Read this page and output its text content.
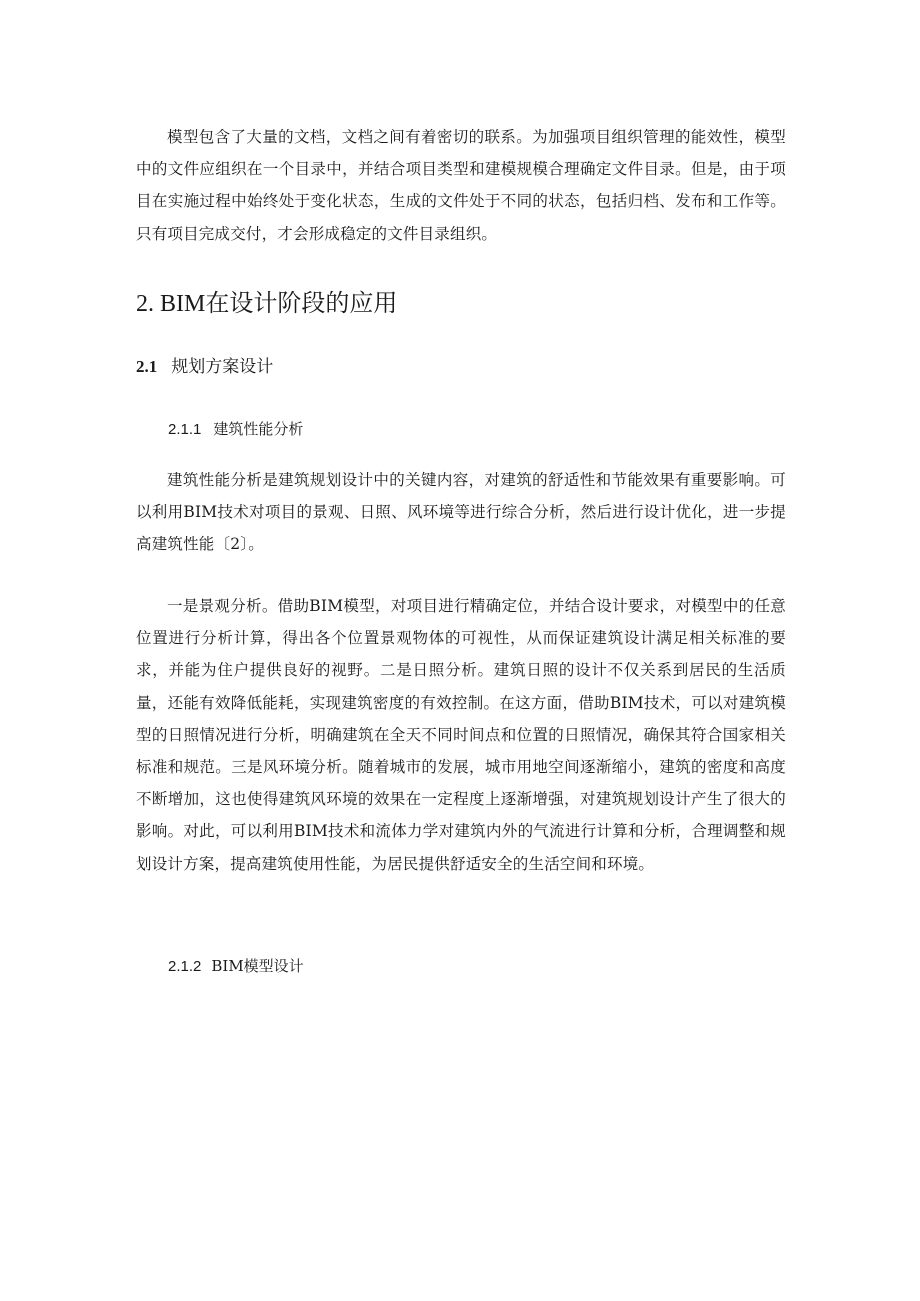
模型包含了大量的文档，文档之间有着密切的联系。为加强项目组织管理的能效性，模型中的文件应组织在一个目录中，并结合项目类型和建模规模合理确定文件目录。但是，由于项目在实施过程中始终处于变化状态，生成的文件处于不同的状态，包括归档、发布和工作等。只有项目完成交付，才会形成稳定的文件目录组织。

2. BIM在设计阶段的应用
2.1 规划方案设计
2.1.1 建筑性能分析

建筑性能分析是建筑规划设计中的关键内容，对建筑的舒适性和节能效果有重要影响。可以利用BIM技术对项目的景观、日照、风环境等进行综合分析，然后进行设计优化，进一步提高建筑性能〔2〕。

一是景观分析。借助BIM模型，对项目进行精确定位，并结合设计要求，对模型中的任意位置进行分析计算，得出各个位置景观物体的可视性，从而保证建筑设计满足相关标准的要求，并能为住户提供良好的视野。二是日照分析。建筑日照的设计不仅关系到居民的生活质量，还能有效降低能耗，实现建筑密度的有效控制。在这方面，借助BIM技术，可以对建筑模型的日照情况进行分析，明确建筑在全天不同时间点和位置的日照情况，确保其符合国家相关标准和规范。三是风环境分析。随着城市的发展，城市用地空间逐渐缩小，建筑的密度和高度不断增加，这也使得建筑风环境的效果在一定程度上逐渐增强，对建筑规划设计产生了很大的影响。对此，可以利用BIM技术和流体力学对建筑内外的气流进行计算和分析，合理调整和规划设计方案，提高建筑使用性能，为居民提供舒适安全的生活空间和环境。

2.1.2 BIM模型设计
